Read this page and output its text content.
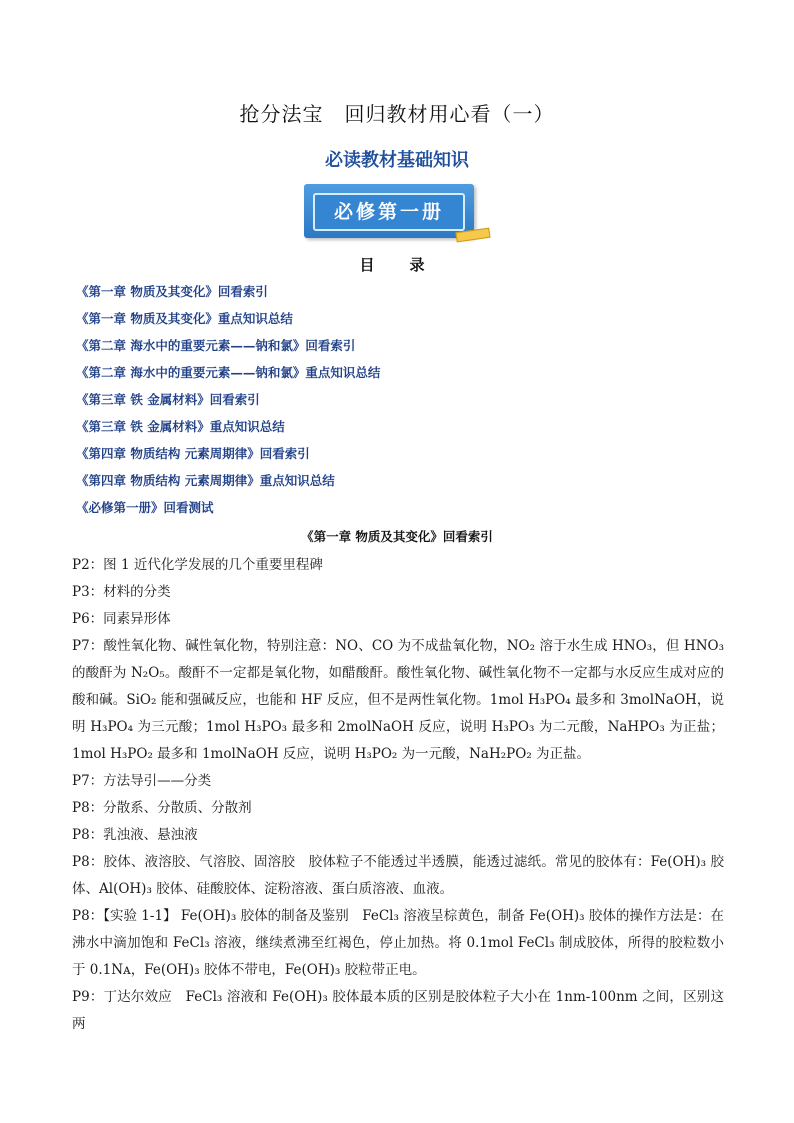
抢分法宝　回归教材用心看（一）
必读教材基础知识
必修第一册
目　录
《第一章 物质及其变化》回看索引
《第一章 物质及其变化》重点知识总结
《第二章 海水中的重要元素——钠和氯》回看索引
《第二章 海水中的重要元素——钠和氯》重点知识总结
《第三章 铁 金属材料》回看索引
《第三章 铁 金属材料》重点知识总结
《第四章 物质结构 元素周期律》回看索引
《第四章 物质结构 元素周期律》重点知识总结
《必修第一册》回看测试
《第一章 物质及其变化》回看索引
P2：图 1 近代化学发展的几个重要里程碑
P3：材料的分类
P6：同素异形体
P7：酸性氧化物、碱性氧化物，特别注意：NO、CO 为不成盐氧化物，NO₂ 溶于水生成 HNO₃，但 HNO₃ 的酸酐为 N₂O₅。酸酐不一定都是氧化物，如醋酸酐。酸性氧化物、碱性氧化物不一定都与水反应生成对应的酸和碱。SiO₂ 能和强碱反应，也能和 HF 反应，但不是两性氧化物。1mol H₃PO₄ 最多和 3molNaOH，说明 H₃PO₄ 为三元酸；1mol H₃PO₃ 最多和 2molNaOH 反应，说明 H₃PO₃ 为二元酸，NaHPO₃ 为正盐；1mol H₃PO₂ 最多和 1molNaOH 反应，说明 H₃PO₂ 为一元酸，NaH₂PO₂ 为正盐。
P7：方法导引——分类
P8：分散系、分散质、分散剂
P8：乳浊液、悬浊液
P8：胶体、液溶胶、气溶胶、固溶胶　胶体粒子不能透过半透膜，能透过滤纸。常见的胶体有：Fe(OH)₃ 胶体、Al(OH)₃ 胶体、硅酸胶体、淀粉溶液、蛋白质溶液、血液。
P8：【实验 1-1】 Fe(OH)₃ 胶体的制备及鉴别　FeCl₃ 溶液呈棕黄色，制备 Fe(OH)₃ 胶体的操作方法是：在沸水中滴加饱和 FeCl₃ 溶液，继续煮沸至红褐色，停止加热。将 0.1mol FeCl₃ 制成胶体，所得的胶粒数小于 0.1Nᴀ，Fe(OH)₃ 胶体不带电，Fe(OH)₃ 胶粒带正电。
P9：丁达尔效应　FeCl₃ 溶液和 Fe(OH)₃ 胶体最本质的区别是胶体粒子大小在 1nm-100nm 之间，区别这两
